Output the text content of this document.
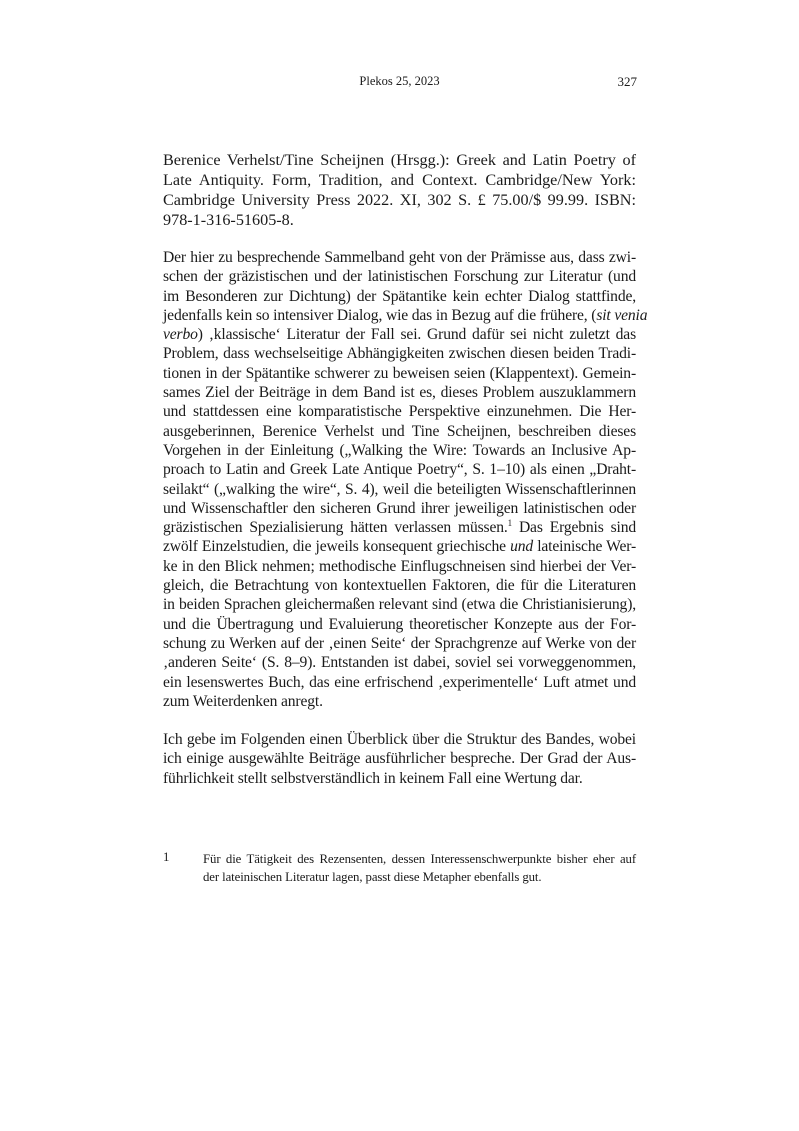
Plekos 25, 2023	327
Berenice Verhelst/Tine Scheijnen (Hrsgg.): Greek and Latin Poetry of
Late Antiquity. Form, Tradition, and Context. Cambridge/New York:
Cambridge University Press 2022. XI, 302 S. £ 75.00/$ 99.99. ISBN:
978-1-316-51605-8.
Der hier zu besprechende Sammelband geht von der Prämisse aus, dass zwi-
schen der gräzistischen und der latinistischen Forschung zur Literatur (und
im Besonderen zur Dichtung) der Spätantike kein echter Dialog stattfinde,
jedenfalls kein so intensiver Dialog, wie das in Bezug auf die frühere, (sit venia
verbo) ‚klassische‘ Literatur der Fall sei. Grund dafür sei nicht zuletzt das
Problem, dass wechselseitige Abhängigkeiten zwischen diesen beiden Tradi-
tionen in der Spätantike schwerer zu beweisen seien (Klappentext). Gemein-
sames Ziel der Beiträge in dem Band ist es, dieses Problem auszuklammern
und stattdessen eine komparatistische Perspektive einzunehmen. Die Her-
ausgeberinnen, Berenice Verhelst und Tine Scheijnen, beschreiben dieses
Vorgehen in der Einleitung („Walking the Wire: Towards an Inclusive Ap-
proach to Latin and Greek Late Antique Poetry“, S. 1–10) als einen „Draht-
seilakt“ („walking the wire“, S. 4), weil die beteiligten Wissenschaftlerinnen
und Wissenschaftler den sicheren Grund ihrer jeweiligen latinistischen oder
gräzistischen Spezialisierung hätten verlassen müssen.$^1$ Das Ergebnis sind
zwölf Einzelstudien, die jeweils konsequent griechische und lateinische Wer-
ke in den Blick nehmen; methodische Einflugschneisen sind hierbei der Ver-
gleich, die Betrachtung von kontextuellen Faktoren, die für die Literaturen
in beiden Sprachen gleichermaßen relevant sind (etwa die Christianisierung),
und die Übertragung und Evaluierung theoretischer Konzepte aus der For-
schung zu Werken auf der ‚einen Seite‘ der Sprachgrenze auf Werke von der
‚anderen Seite‘ (S. 8–9). Entstanden ist dabei, soviel sei vorweggenommen,
ein lesenswertes Buch, das eine erfrischend ‚experimentelle‘ Luft atmet und
zum Weiterdenken anregt.
Ich gebe im Folgenden einen Überblick über die Struktur des Bandes, wobei
ich einige ausgewählte Beiträge ausführlicher bespreche. Der Grad der Aus-
führlichkeit stellt selbstverständlich in keinem Fall eine Wertung dar.
1	Für die Tätigkeit des Rezensenten, dessen Interessenschwerpunkte bisher eher auf
der lateinischen Literatur lagen, passt diese Metapher ebenfalls gut.
